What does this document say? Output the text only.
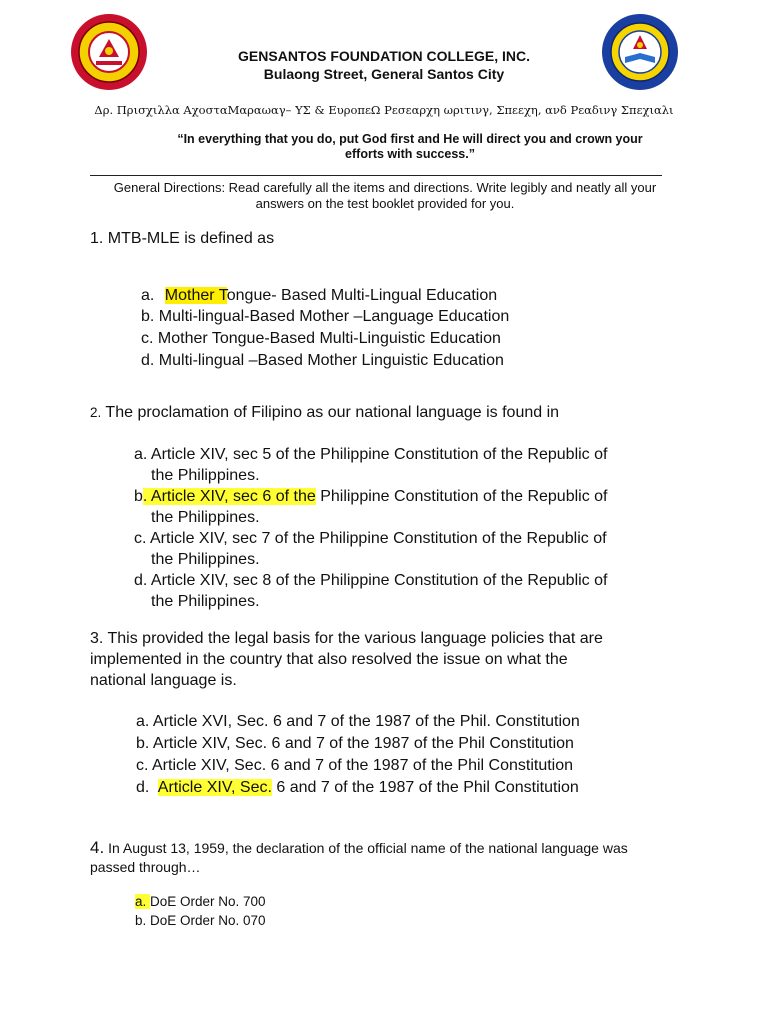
GENSANTOS FOUNDATION COLLEGE, INC.
Bulaong Street, General Santos City
Δρ. Πρισχιλλα ΑχοσταΜαραωαγ– ΥΣ & ΕυροπεΩ Ρεσεαρχη ωριτινγ, Σπεεχη, ανδ Ρεαδινγ Σπεχιαλι
“In everything that you do, put God first and He will direct you and crown your
efforts with success.”
General Directions: Read carefully all the items and directions. Write legibly and neatly all your
answers on the test booklet provided for you.
1. MTB-MLE is defined as
a. Mother Tongue- Based Multi-Lingual Education
b. Multi-lingual-Based Mother –Language Education
c. Mother Tongue-Based Multi-Linguistic Education
d. Multi-lingual –Based Mother Linguistic Education
2. The proclamation of Filipino as our national language is found in
a. Article XIV, sec 5 of the Philippine Constitution of the Republic of
the Philippines.
b. Article XIV, sec 6 of the Philippine Constitution of the Republic of
the Philippines.
c. Article XIV, sec 7 of the Philippine Constitution of the Republic of
the Philippines.
d. Article XIV, sec 8 of the Philippine Constitution of the Republic of
the Philippines.
3. This provided the legal basis for the various language policies that are
implemented in the country that also resolved the issue on what the
national language is.
a. Article XVI, Sec. 6 and 7 of the 1987 of the Phil. Constitution
b. Article XIV, Sec. 6 and 7 of the 1987 of the Phil Constitution
c. Article XIV, Sec. 6 and 7 of the 1987 of the Phil Constitution
d. Article XIV, Sec. 6 and 7 of the 1987 of the Phil Constitution
4. In August 13, 1959, the declaration of the official name of the national language was
passed through…
a. DoE Order No. 700
b. DoE Order No. 070
